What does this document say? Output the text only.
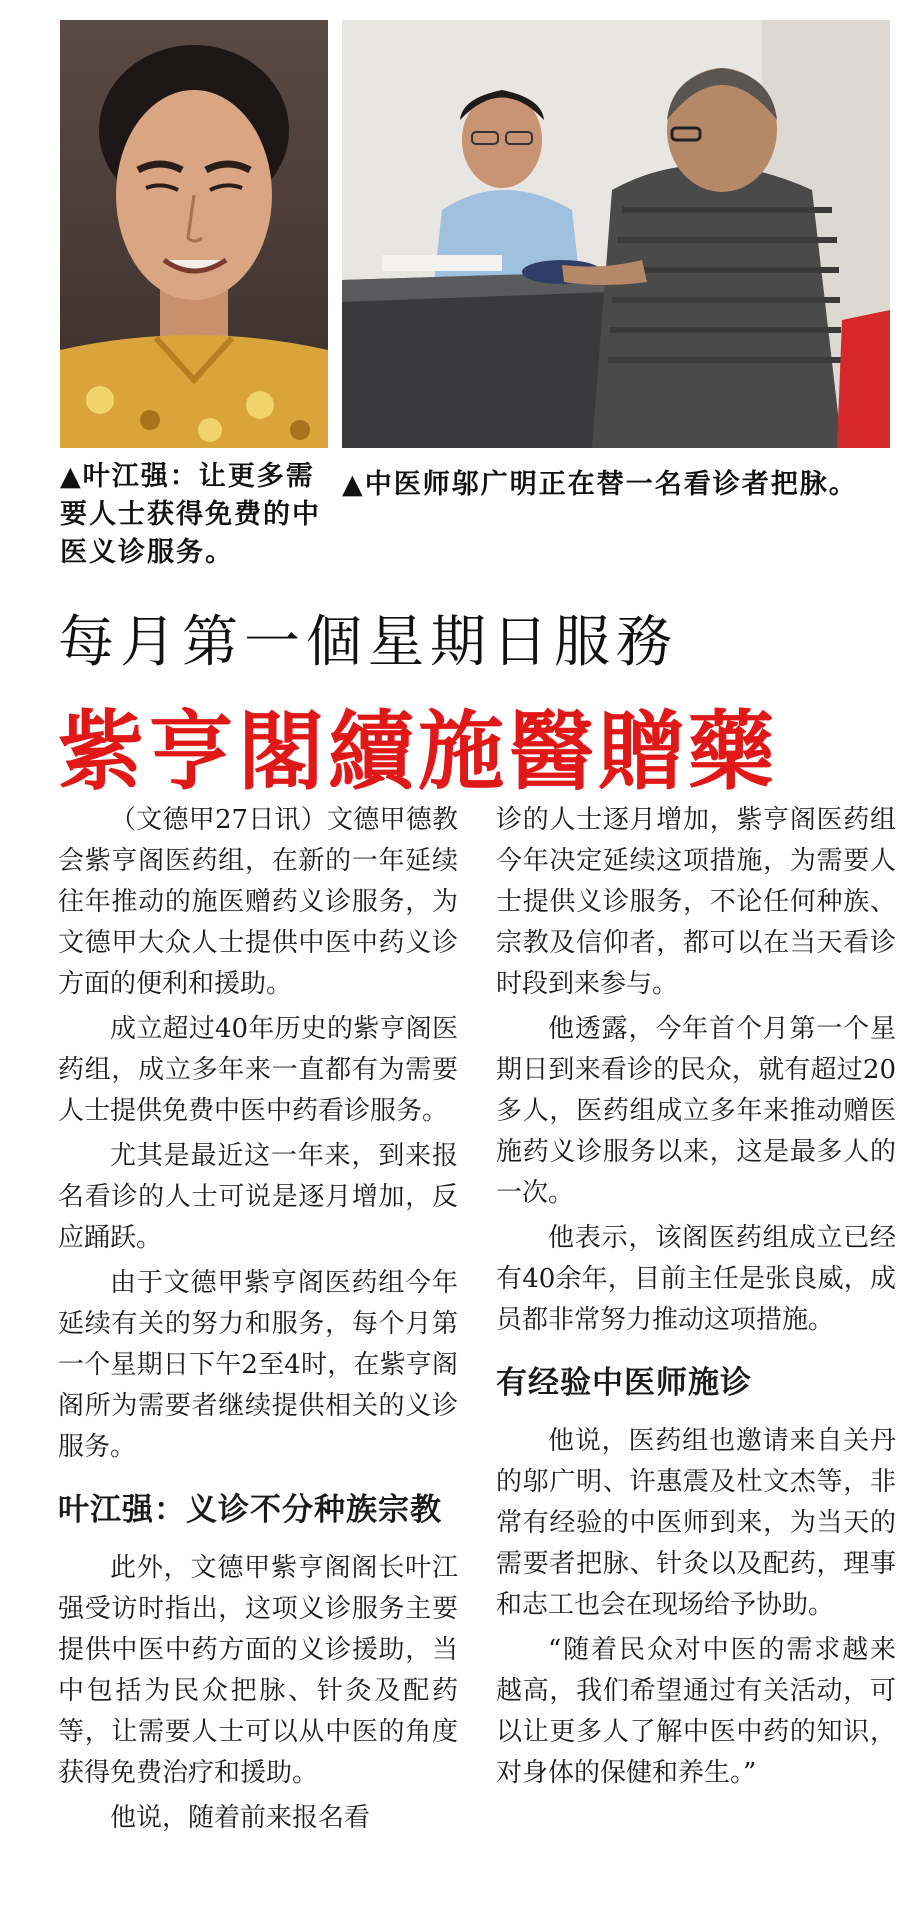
▲叶江强：让更多需要人士获得免费的中医义诊服务。
▲中医师邬广明正在替一名看诊者把脉。
每月第一個星期日服務
紫亨閣續施醫贈藥

（文德甲27日讯）文德甲德教会紫亨阁医药组，在新的一年延续往年推动的施医赠药义诊服务，为文德甲大众人士提供中医中药义诊方面的便利和援助。

成立超过40年历史的紫亨阁医药组，成立多年来一直都有为需要人士提供免费中医中药看诊服务。

尤其是最近这一年来，到来报名看诊的人士可说是逐月增加，反应踊跃。

由于文德甲紫亨阁医药组今年延续有关的努力和服务，每个月第一个星期日下午2至4时，在紫亨阁阁所为需要者继续提供相关的义诊服务。

叶江强：义诊不分种族宗教

此外，文德甲紫亨阁阁长叶江强受访时指出，这项义诊服务主要提供中医中药方面的义诊援助，当中包括为民众把脉、针灸及配药等，让需要人士可以从中医的角度获得免费治疗和援助。

他说，随着前来报名看

诊的人士逐月增加，紫亨阁医药组今年决定延续这项措施，为需要人士提供义诊服务，不论任何种族、宗教及信仰者，都可以在当天看诊时段到来参与。

他透露，今年首个月第一个星期日到来看诊的民众，就有超过20多人，医药组成立多年来推动赠医施药义诊服务以来，这是最多人的一次。

他表示，该阁医药组成立已经有40余年，目前主任是张良威，成员都非常努力推动这项措施。

有经验中医师施诊

他说，医药组也邀请来自关丹的邬广明、许惠震及杜文杰等，非常有经验的中医师到来，为当天的需要者把脉、针灸以及配药，理事和志工也会在现场给予协助。

“随着民众对中医的需求越来越高，我们希望通过有关活动，可以让更多人了解中医中药的知识，对身体的保健和养生。”
